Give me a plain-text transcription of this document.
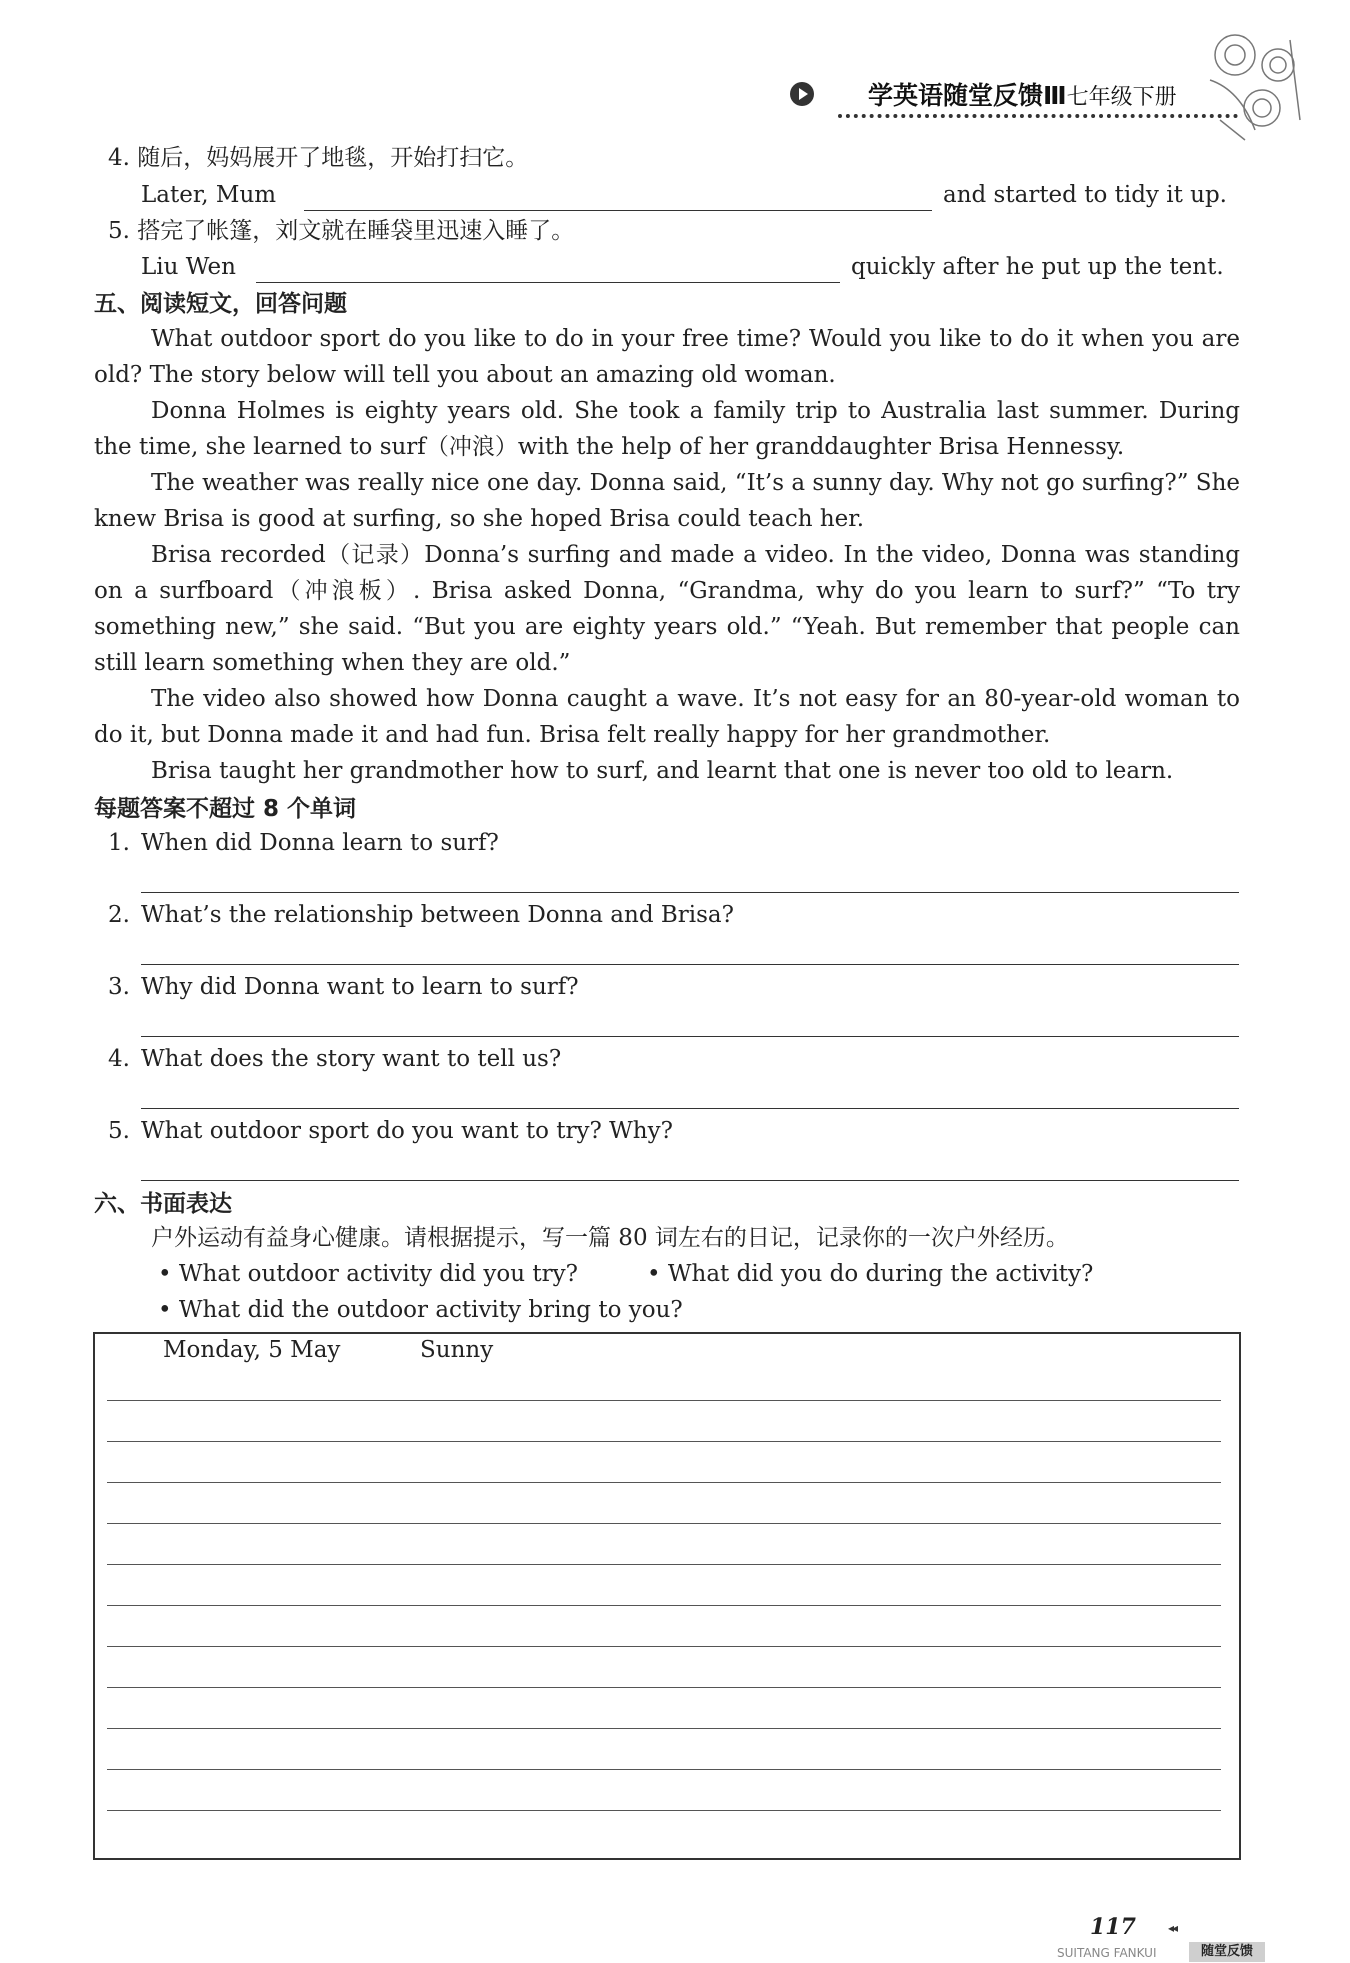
学英语随堂反馈Ⅲ七年级下册
4. 随后，妈妈展开了地毯，开始打扫它。
Later, Mum	and started to tidy it up.
5. 搭完了帐篷，刘文就在睡袋里迅速入睡了。
Liu Wen	quickly after he put up the tent.
五、阅读短文，回答问题
What outdoor sport do you like to do in your free time? Would you like to do it when you are old? The story below will tell you about an amazing old woman.
Donna Holmes is eighty years old. She took a family trip to Australia last summer. During the time, she learned to surf（冲浪）with the help of her granddaughter Brisa Hennessy.
The weather was really nice one day. Donna said, “It’s a sunny day. Why not go surfing?” She knew Brisa is good at surfing, so she hoped Brisa could teach her.
Brisa recorded（记录）Donna’s surfing and made a video. In the video, Donna was standing on a surfboard（冲浪板）. Brisa asked Donna, “Grandma, why do you learn to surf?” “To try something new,” she said. “But you are eighty years old.” “Yeah. But remember that people can still learn something when they are old.”
The video also showed how Donna caught a wave. It’s not easy for an 80-year-old woman to do it, but Donna made it and had fun. Brisa felt really happy for her grandmother.
Brisa taught her grandmother how to surf, and learnt that one is never too old to learn.
每题答案不超过 8 个单词
1. When did Donna learn to surf?
2. What’s the relationship between Donna and Brisa?
3. Why did Donna want to learn to surf?
4. What does the story want to tell us?
5. What outdoor sport do you want to try? Why?
六、书面表达
户外运动有益身心健康。请根据提示，写一篇 80 词左右的日记，记录你的一次户外经历。
• What outdoor activity did you try?	• What did you do during the activity?
• What did the outdoor activity bring to you?
Monday, 5 May	Sunny
117	◂◂
SUITANG FANKUI	随堂反馈
